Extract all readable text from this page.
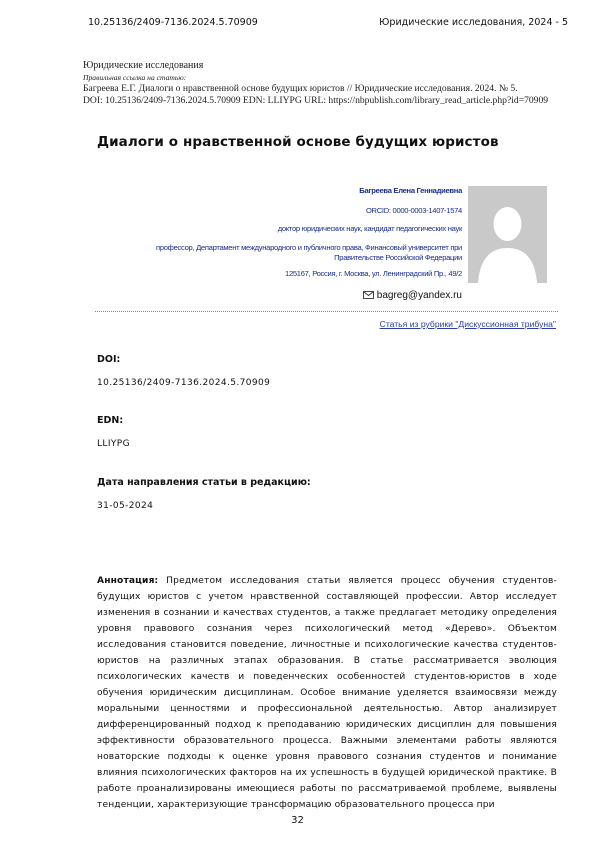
10.25136/2409-7136.2024.5.70909	Юридические исследования, 2024 - 5
Юридические исследования
Правильная ссылка на статью:
Багреева Е.Г. Диалоги о нравственной основе будущих юристов // Юридические исследования. 2024. № 5.
DOI: 10.25136/2409-7136.2024.5.70909 EDN: LLIYPG URL: https://nbpublish.com/library_read_article.php?id=70909
Диалоги о нравственной основе будущих юристов
Багреева Елена Геннадиевна
ORCID: 0000-0003-1407-1574
доктор юридических наук, кандидат педагогических наук
профессор, Департамент международного и публичного права, Финансовый университет при Правительстве Российской Федерации
125167, Россия, г. Москва, ул. Ленинградский Пр., 49/2
bagreg@yandex.ru
Статья из рубрики "Дискуссионная трибуна"
DOI:
10.25136/2409-7136.2024.5.70909
EDN:
LLIYPG
Дата направления статьи в редакцию:
31-05-2024
Аннотация: Предметом исследования статьи является процесс обучения студентов-будущих юристов с учетом нравственной составляющей профессии. Автор исследует изменения в сознании и качествах студентов, а также предлагает методику определения уровня правового сознания через психологический метод «Дерево». Объектом исследования становится поведение, личностные и психологические качества студентов-юристов на различных этапах образования. В статье рассматривается эволюция психологических качеств и поведенческих особенностей студентов-юристов в ходе обучения юридическим дисциплинам. Особое внимание уделяется взаимосвязи между моральными ценностями и профессиональной деятельностью. Автор анализирует дифференцированный подход к преподаванию юридических дисциплин для повышения эффективности образовательного процесса. Важными элементами работы являются новаторские подходы к оценке уровня правового сознания студентов и понимание влияния психологических факторов на их успешность в будущей юридической практике. В работе проанализированы имеющиеся работы по рассматриваемой проблеме, выявлены тенденции, характеризующие трансформацию образовательного процесса при
32
